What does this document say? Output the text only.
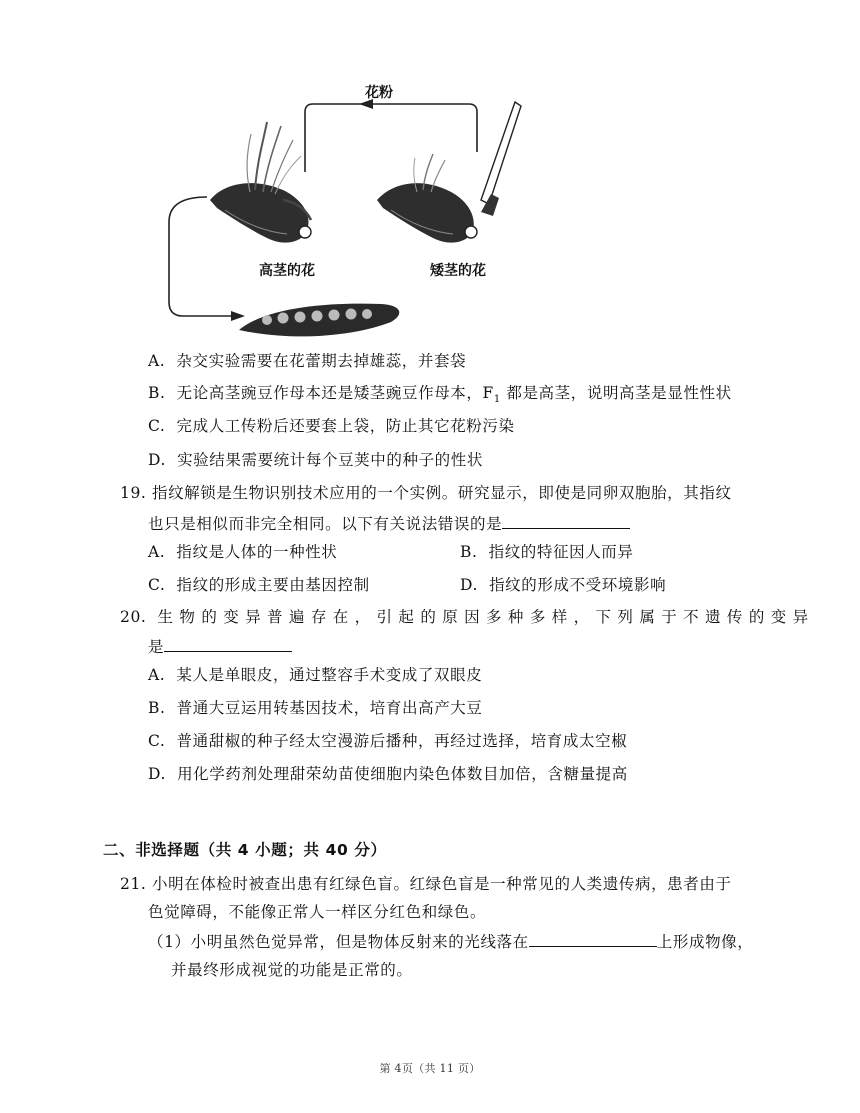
花粉
高茎的花	矮茎的花
A. 杂交实验需要在花蕾期去掉雄蕊，并套袋
B. 无论高茎豌豆作母本还是矮茎豌豆作母本，$F_1$ 都是高茎，说明高茎是显性性状
C. 完成人工传粉后还要套上袋，防止其它花粉污染
D. 实验结果需要统计每个豆荚中的种子的性状
19. 指纹解锁是生物识别技术应用的一个实例。研究显示，即使是同卵双胞胎，其指纹
也只是相似而非完全相同。以下有关说法错误的是
A. 指纹是人体的一种性状	B. 指纹的特征因人而异
C. 指纹的形成主要由基因控制	D. 指纹的形成不受环境影响
20. 生物的变异普遍存在，引起的原因多种多样，下列属于不遗传的变异
是
A. 某人是单眼皮，通过整容手术变成了双眼皮
B. 普通大豆运用转基因技术，培育出高产大豆
C. 普通甜椒的种子经太空漫游后播种，再经过选择，培育成太空椒
D. 用化学药剂处理甜荣幼苗使细胞内染色体数目加倍，含糖量提高
二、非选择题（共 4 小题；共 40 分）
21. 小明在体检时被查出患有红绿色盲。红绿色盲是一种常见的人类遗传病，患者由于
色觉障碍，不能像正常人一样区分红色和绿色。
（1）小明虽然色觉异常，但是物体反射来的光线落在	上形成物像，
并最终形成视觉的功能是正常的。
第 4页（共 11 页）
